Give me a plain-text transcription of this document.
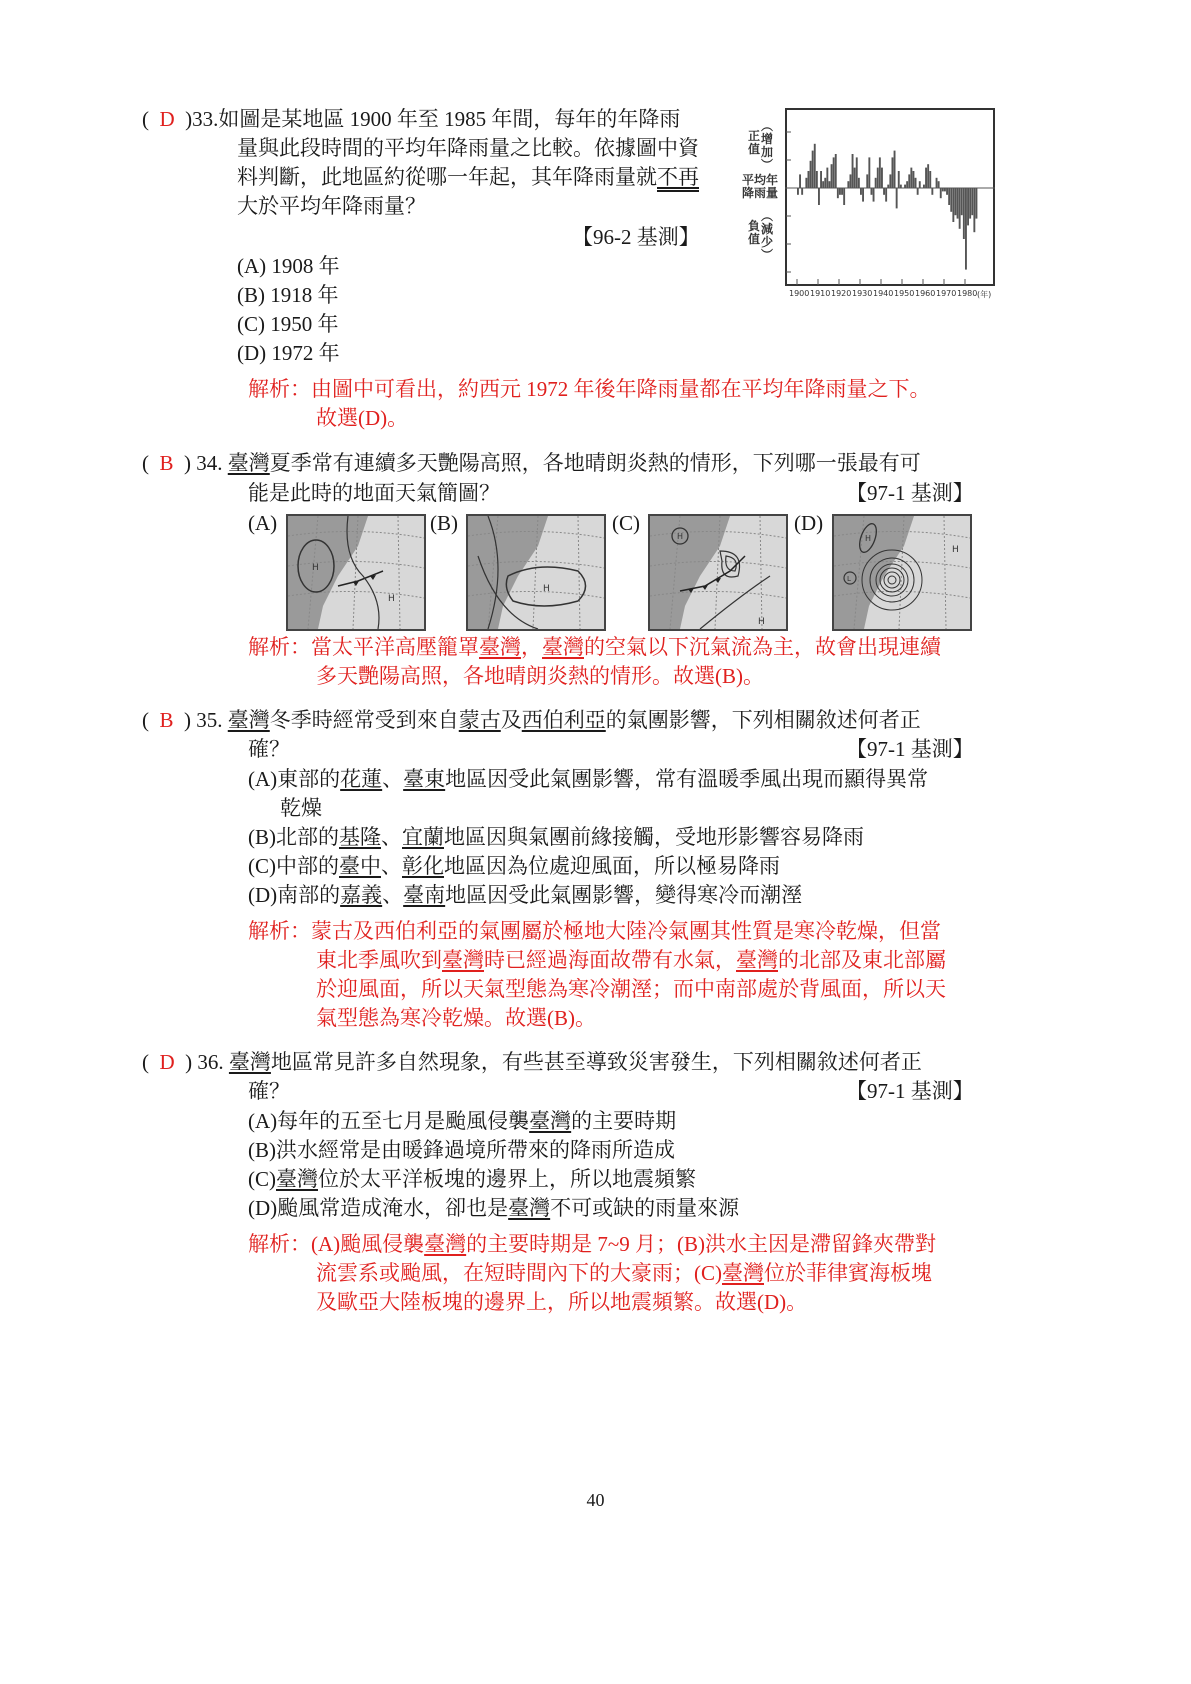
(  D  )33.如圖是某地區 1900 年至 1985 年間，每年的年降雨
量與此段時間的平均年降雨量之比較。依據圖中資
料判斷，此地區約從哪一年起，其年降雨量就不再
大於平均年降雨量？
【96-2 基測】
(A) 1908 年
(B) 1918 年
(C) 1950 年
(D) 1972 年
解析：由圖中可看出，約西元 1972 年後年降雨量都在平均年降雨量之下。
故選(D)。
正
值
︵
增
加
︶
平均年
降雨量
負
值
︵
減
少
︶
1900 1910 1920 1930 1940 1950 1960 1970 1980 (年)
(  B  ) 34. 臺灣夏季常有連續多天艷陽高照，各地晴朗炎熱的情形，下列哪一張最有可
能是此時的地面天氣簡圖？	【97-1 基測】
(A)	(B)	(C)	(D)
H
H
H
H
H
H
L
H
解析：當太平洋高壓籠罩臺灣，臺灣的空氣以下沉氣流為主，故會出現連續
多天艷陽高照，各地晴朗炎熱的情形。故選(B)。
(  B  ) 35. 臺灣冬季時經常受到來自蒙古及西伯利亞的氣團影響，下列相關敘述何者正
確？	【97-1 基測】
(A)東部的花蓮、臺東地區因受此氣團影響，常有溫暖季風出現而顯得異常
乾燥
(B)北部的基隆、宜蘭地區因與氣團前緣接觸，受地形影響容易降雨
(C)中部的臺中、彰化地區因為位處迎風面，所以極易降雨
(D)南部的嘉義、臺南地區因受此氣團影響，變得寒冷而潮溼
解析：蒙古及西伯利亞的氣團屬於極地大陸冷氣團其性質是寒冷乾燥，但當
東北季風吹到臺灣時已經過海面故帶有水氣，臺灣的北部及東北部屬
於迎風面，所以天氣型態為寒冷潮溼；而中南部處於背風面，所以天
氣型態為寒冷乾燥。故選(B)。
(  D  ) 36. 臺灣地區常見許多自然現象，有些甚至導致災害發生，下列相關敘述何者正
確？	【97-1 基測】
(A)每年的五至七月是颱風侵襲臺灣的主要時期
(B)洪水經常是由暖鋒過境所帶來的降雨所造成
(C)臺灣位於太平洋板塊的邊界上，所以地震頻繁
(D)颱風常造成淹水，卻也是臺灣不可或缺的雨量來源
解析：(A)颱風侵襲臺灣的主要時期是 7~9 月；(B)洪水主因是滯留鋒夾帶對
流雲系或颱風，在短時間內下的大豪雨；(C)臺灣位於菲律賓海板塊
及歐亞大陸板塊的邊界上，所以地震頻繁。故選(D)。
40
